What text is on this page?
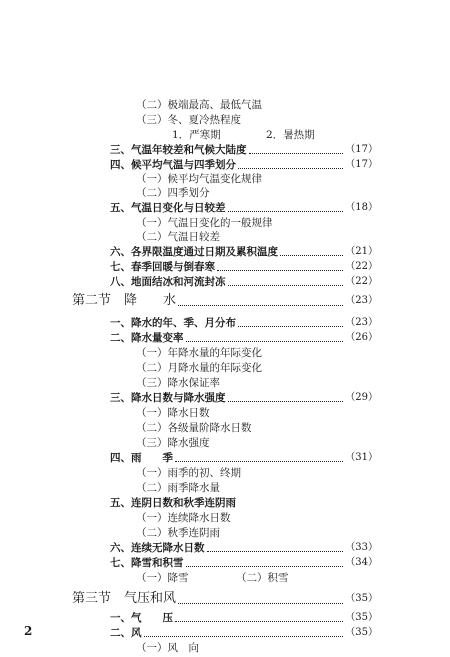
（二）极端最高、最低气温
（三）冬、夏冷热程度
1．严寒期	2．暑热期
三、气温年较差和气候大陆度	（17）
四、候平均气温与四季划分	（17）
（一）候平均气温变化规律
（二）四季划分
五、气温日变化与日较差	（18）
（一）气温日变化的一般规律
（二）气温日较差
六、各界限温度通过日期及累积温度	（21）
七、春季回暖与倒春寒	（22）
八、地面结冰和河流封冻	（22）
第二节　降　　水	（23）
一、降水的年、季、月分布	（23）
二、降水量变率	（26）
（一）年降水量的年际变化
（二）月降水量的年际变化
（三）降水保证率
三、降水日数与降水强度	（29）
（一）降水日数
（二）各级量阶降水日数
（三）降水强度
四、雨　　季	（31）
（一）雨季的初、终期
（二）雨季降水量
五、连阴日数和秋季连阴雨
（一）连续降水日数
（二）秋季连阴雨
六、连续无降水日数	（33）
七、降雪和积雪	（34）
（一）降雪	（二）积雪
第三节　气压和风	（35）
一、气　　压	（35）
二、风	（35）
（一）风　向
2
